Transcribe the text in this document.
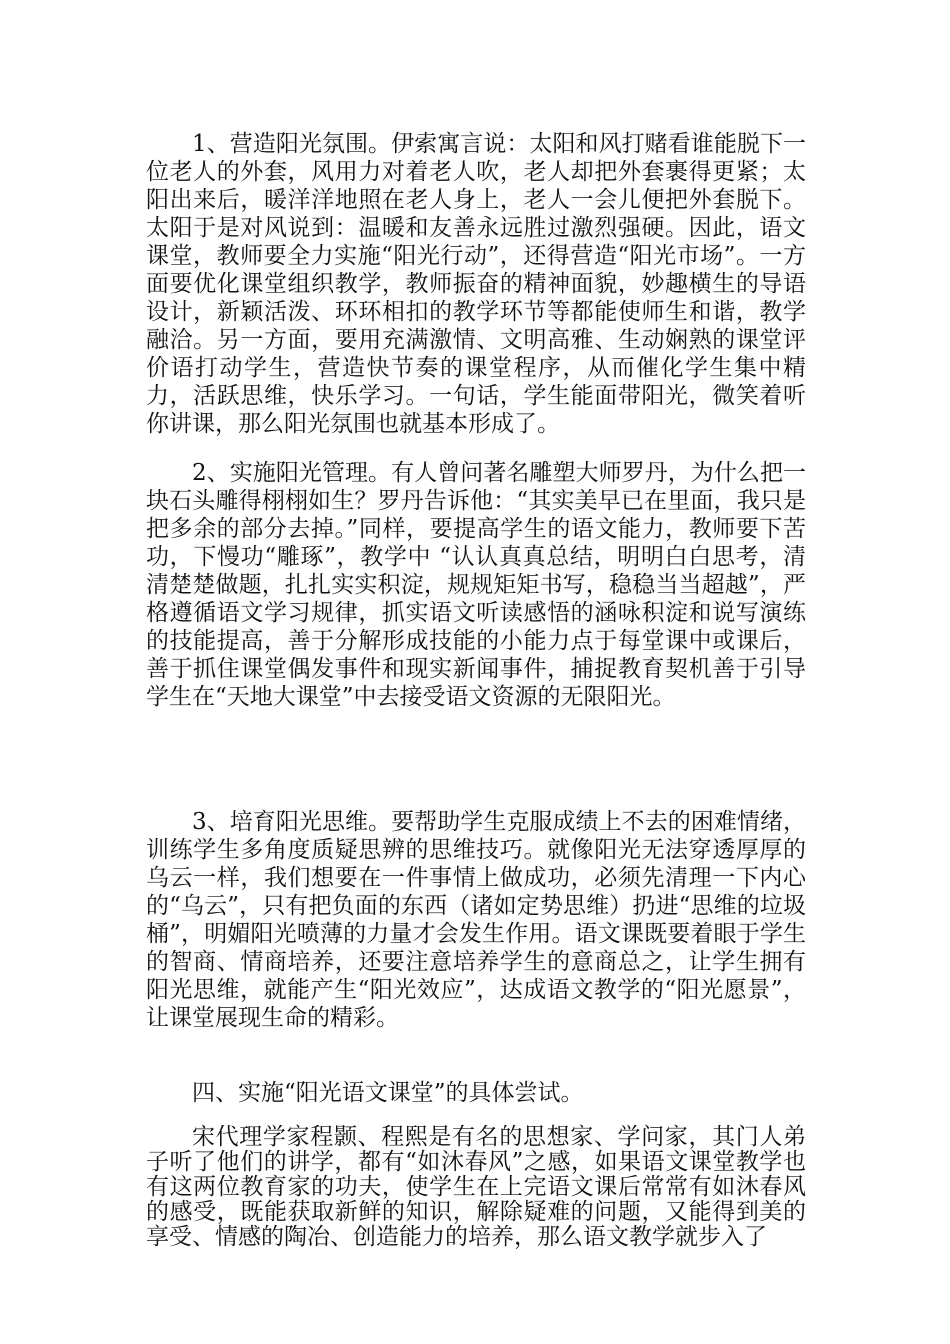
1、营造阳光氛围。伊索寓言说：太阳和风打赌看谁能脱下一位老人的外套，风用力对着老人吹，老人却把外套裹得更紧；太阳出来后，暖洋洋地照在老人身上，老人一会儿便把外套脱下。太阳于是对风说到：温暖和友善永远胜过激烈强硬。因此，语文课堂，教师要全力实施“阳光行动”，还得营造“阳光市场”。一方面要优化课堂组织教学，教师振奋的精神面貌，妙趣横生的导语设计，新颖活泼、环环相扣的教学环节等都能使师生和谐，教学融洽。另一方面，要用充满激情、文明高雅、生动娴熟的课堂评价语打动学生，营造快节奏的课堂程序，从而催化学生集中精力，活跃思维，快乐学习。一句话，学生能面带阳光，微笑着听你讲课，那么阳光氛围也就基本形成了。

2、实施阳光管理。有人曾问著名雕塑大师罗丹，为什么把一块石头雕得栩栩如生？罗丹告诉他：“其实美早已在里面，我只是把多余的部分去掉。”同样，要提高学生的语文能力，教师要下苦功，下慢功“雕琢”，教学中 “认认真真总结，明明白白思考，清清楚楚做题，扎扎实实积淀，规规矩矩书写，稳稳当当超越”，严格遵循语文学习规律，抓实语文听读感悟的涵咏积淀和说写演练的技能提高，善于分解形成技能的小能力点于每堂课中或课后，善于抓住课堂偶发事件和现实新闻事件，捕捉教育契机善于引导学生在“天地大课堂”中去接受语文资源的无限阳光。

3、培育阳光思维。要帮助学生克服成绩上不去的困难情绪，训练学生多角度质疑思辨的思维技巧。就像阳光无法穿透厚厚的乌云一样，我们想要在一件事情上做成功，必须先清理一下内心的“乌云”，只有把负面的东西（诸如定势思维）扔进“思维的垃圾桶”，明媚阳光喷薄的力量才会发生作用。语文课既要着眼于学生的智商、情商培养，还要注意培养学生的意商总之，让学生拥有阳光思维，就能产生“阳光效应”，达成语文教学的“阳光愿景”，让课堂展现生命的精彩。

四、实施“阳光语文课堂”的具体尝试。

宋代理学家程颢、程熙是有名的思想家、学问家，其门人弟子听了他们的讲学，都有“如沐春风”之感，如果语文课堂教学也有这两位教育家的功夫，使学生在上完语文课后常常有如沐春风的感受，既能获取新鲜的知识，解除疑难的问题，又能得到美的享受、情感的陶冶、创造能力的培养，那么语文教学就步入了
